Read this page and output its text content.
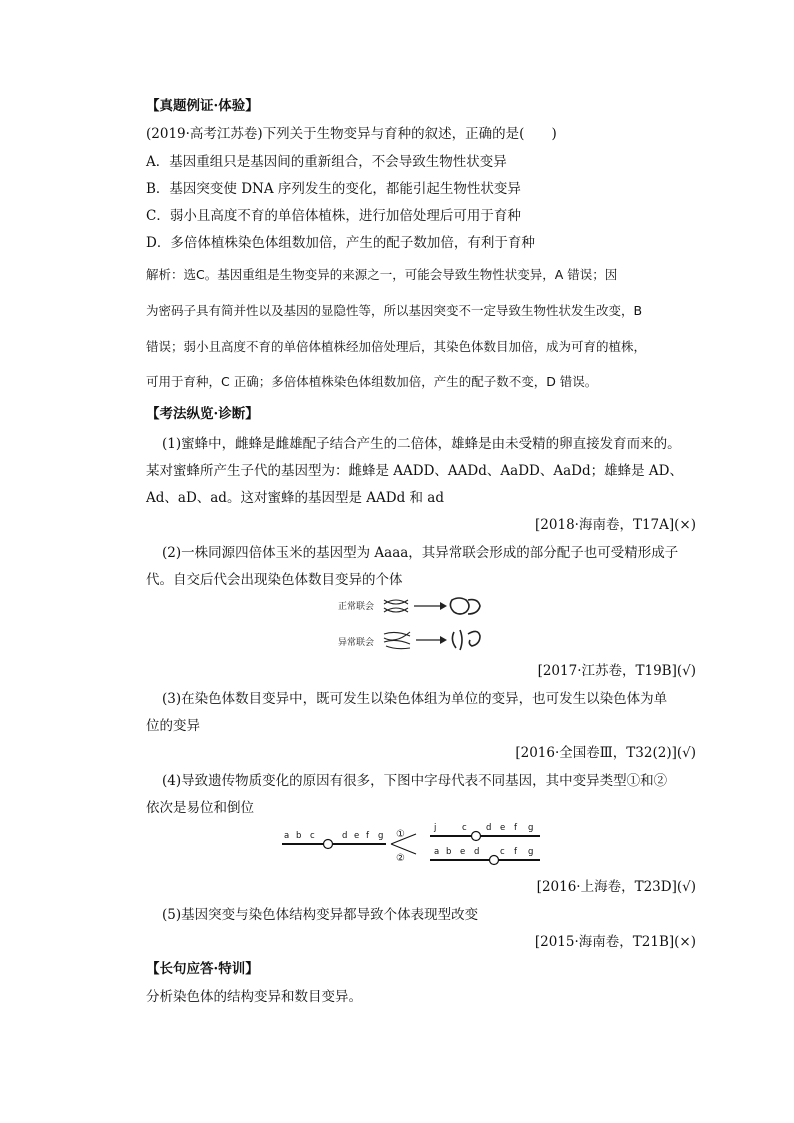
【真题例证·体验】
(2019·高考江苏卷)下列关于生物变异与育种的叙述，正确的是(　　)
A．基因重组只是基因间的重新组合，不会导致生物性状变异
B．基因突变使 DNA 序列发生的变化，都能引起生物性状变异
C．弱小且高度不育的单倍体植株，进行加倍处理后可用于育种
D．多倍体植株染色体组数加倍，产生的配子数加倍，有利于育种
解析：选C。基因重组是生物变异的来源之一，可能会导致生物性状变异，A 错误；因
为密码子具有简并性以及基因的显隐性等，所以基因突变不一定导致生物性状发生改变，B
错误；弱小且高度不育的单倍体植株经加倍处理后，其染色体数目加倍，成为可育的植株，
可用于育种，C 正确；多倍体植株染色体组数加倍，产生的配子数不变，D 错误。
【考法纵览·诊断】
(1)蜜蜂中，雌蜂是雌雄配子结合产生的二倍体，雄蜂是由未受精的卵直接发育而来的。
某对蜜蜂所产生子代的基因型为：雌蜂是 AADD、AADd、AaDD、AaDd；雄蜂是 AD、
Ad、aD、ad。这对蜜蜂的基因型是 AADd 和 ad
[2018·海南卷，T17A](×)
(2)一株同源四倍体玉米的基因型为 Aaaa，其异常联会形成的部分配子也可受精形成子
代。自交后代会出现染色体数目变异的个体
正常联会
异常联会
[2017·江苏卷，T19B](√)
(3)在染色体数目变异中，既可发生以染色体组为单位的变异，也可发生以染色体为单
位的变异
[2016·全国卷Ⅲ，T32(2)](√)
(4)导致遗传物质变化的原因有很多，下图中字母代表不同基因，其中变异类型①和②
依次是易位和倒位
a b c	d e f g ①
②
j	c d e f g
a b e d c f g
[2016·上海卷，T23D](√)
(5)基因突变与染色体结构变异都导致个体表现型改变
[2015·海南卷，T21B](×)
【长句应答·特训】
分析染色体的结构变异和数目变异。
